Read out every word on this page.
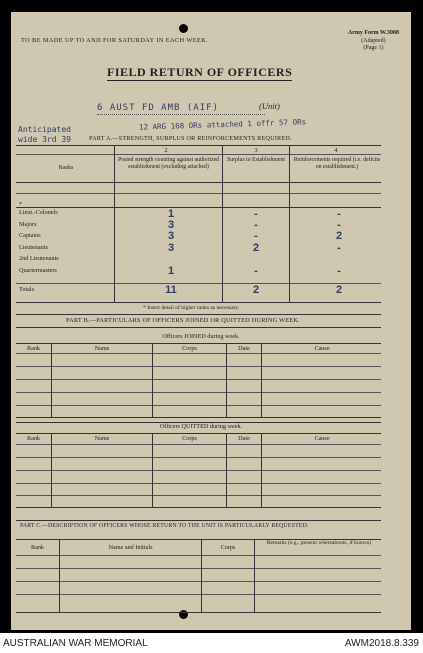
TO BE MADE UP TO AND FOR SATURDAY IN EACH WEEK.
Army Form W.3008
(Adapted)
(Page 1)
FIELD RETURN OF OFFICERS
6 AUST FD AMB (AIF)	(Unit)
Anticipated
wide 3rd 39
12 ARG 168 ORs attached 1 offr 57 ORs
PART A.—STRENGTH, SURPLUS OR REINFORCEMENTS REQUIRED.
2	3	4
Ranks
Posted strength counting against authorized establishment (excluding attached)
Surplus to Establishment	Reinforcements required (i.e. deficits on establishment.)
*
Lieut.-Colonels	1	-	-
Majors	3	-	-
Captains	3	-	2
Lieutenants	3	2	-
2nd Lieutenants
Quartermasters	1	-	-
Totals	11	2	2
* Insert detail of higher ranks as necessary.
PART B.—PARTICULARS OF OFFICERS JOINED OR QUITTED DURING WEEK.
Officers JOINED during week.
Rank	Name	Corps	Date	Cause
Officers QUITTED during week.
Rank	Name	Corps	Date	Cause
PART C.—DESCRIPTION OF OFFICERS WHOSE RETURN TO THE UNIT IS PARTICULARLY REQUESTED.
Rank	Name and Initials	Corps
Remarks (e.g., present whereabouts, if known)
AUSTRALIAN WAR MEMORIAL	AWM2018.8.339
